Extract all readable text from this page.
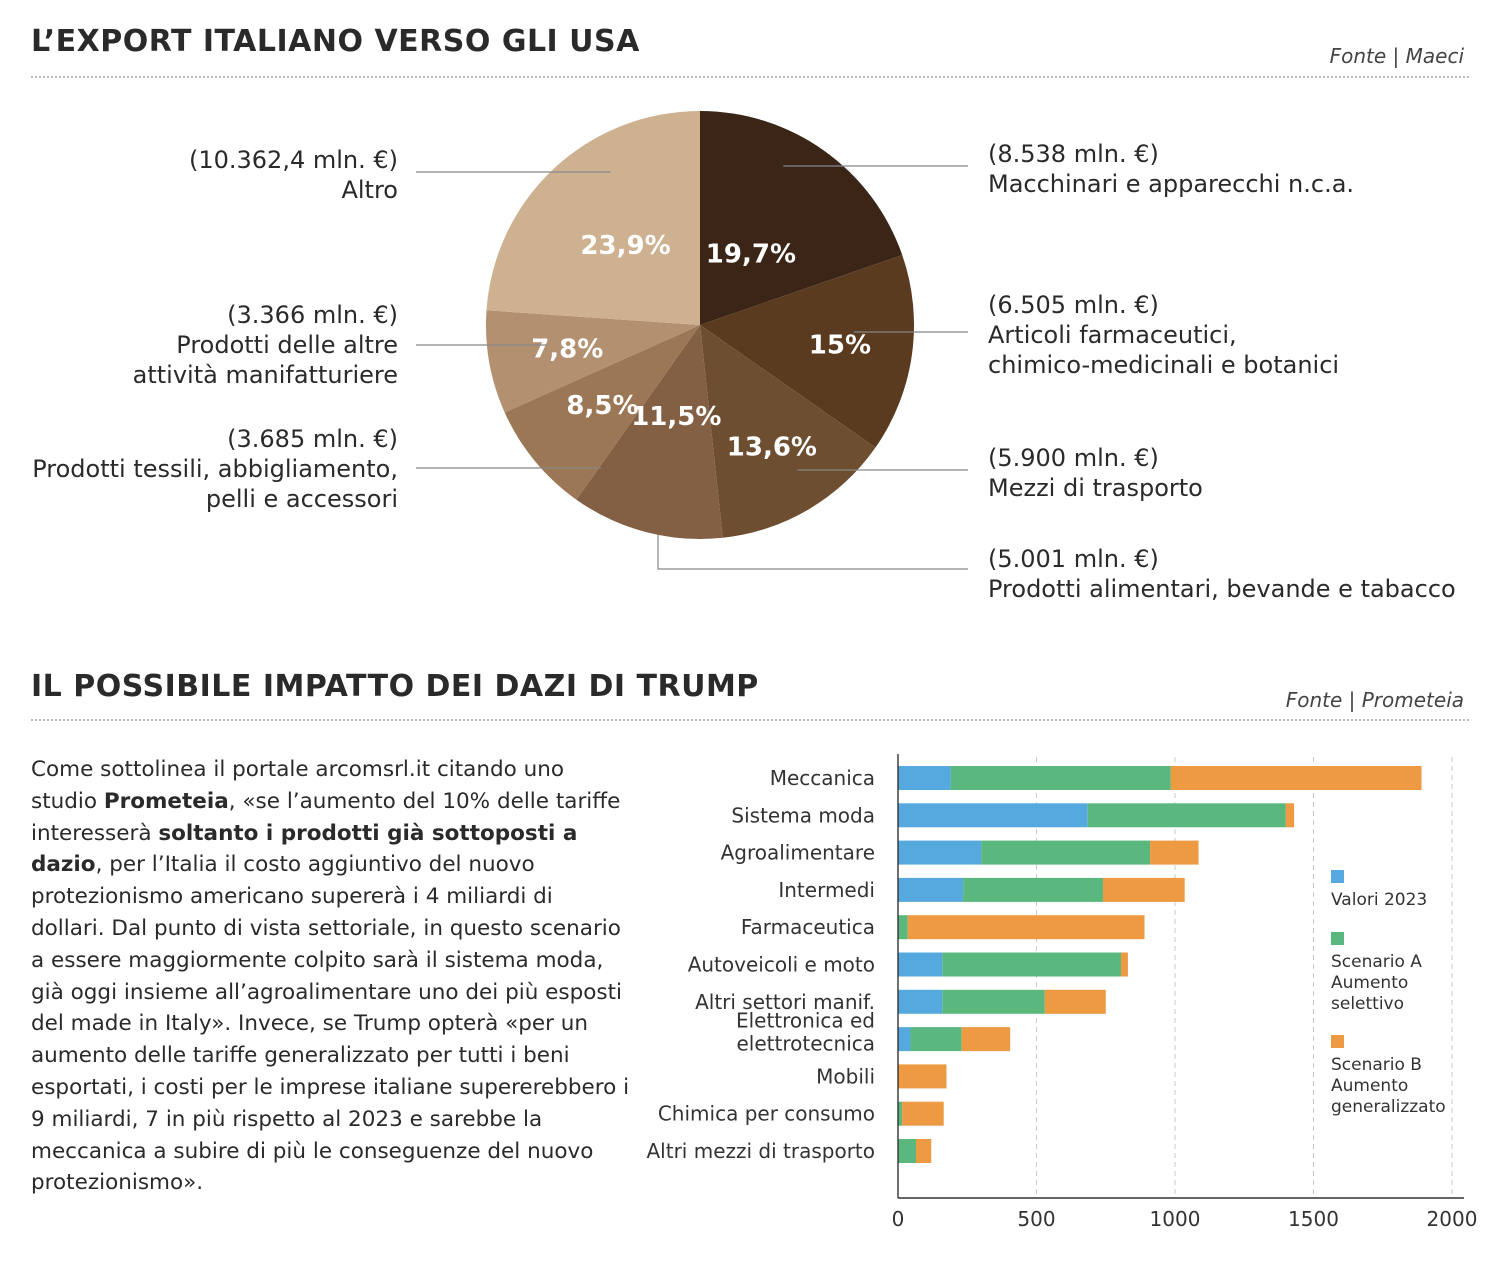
L’EXPORT ITALIANO VERSO GLI USA	Fonte | Maeci
19,7%
15%
13,6%
11,5%
8,5%
7,8%
23,9%
(8.538 mln. €)
Macchinari e apparecchi n.c.a.
(6.505 mln. €)
Articoli farmaceutici,
chimico-medicinali e botanici
(5.900 mln. €)
Mezzi di trasporto
(5.001 mln. €)
Prodotti alimentari, bevande e tabacco
(3.685 mln. €)
Prodotti tessili, abbigliamento,
pelli e accessori
(3.366 mln. €)
Prodotti delle altre
attività manifatturiere
(10.362,4 mln. €)
Altro
IL POSSIBILE IMPATTO DEI DAZI DI TRUMP	Fonte | Prometeia

Come sottolinea il portale arcomsrl.it citando uno studio Prometeia, «se l’aumento del 10% delle tariffe interesserà soltanto i prodotti già sottoposti a dazio, per l’Italia il costo aggiuntivo del nuovo protezionismo americano supererà i 4 miliardi di dollari. Dal punto di vista settoriale, in questo scenario a essere maggiormente colpito sarà il sistema moda, già oggi insieme all’agroalimentare uno dei più esposti del made in Italy». Invece, se Trump opterà «per un aumento delle tariffe generalizzato per tutti i beni esportati, i costi per le imprese italiane supererebbero i 9 miliardi, 7 in più rispetto al 2023 e sarebbe la meccanica a subire di più le conseguenze del nuovo protezionismo».

0	500	1000	1500	2000
Meccanica
Sistema moda
Agroalimentare
Intermedi
Farmaceutica
Autoveicoli e moto
Altri settori manif.
Elettronica ed
elettrotecnica
Mobili
Chimica per consumo
Altri mezzi di trasporto
Valori 2023
Scenario A
Aumento
selettivo
Scenario B
Aumento
generalizzato
